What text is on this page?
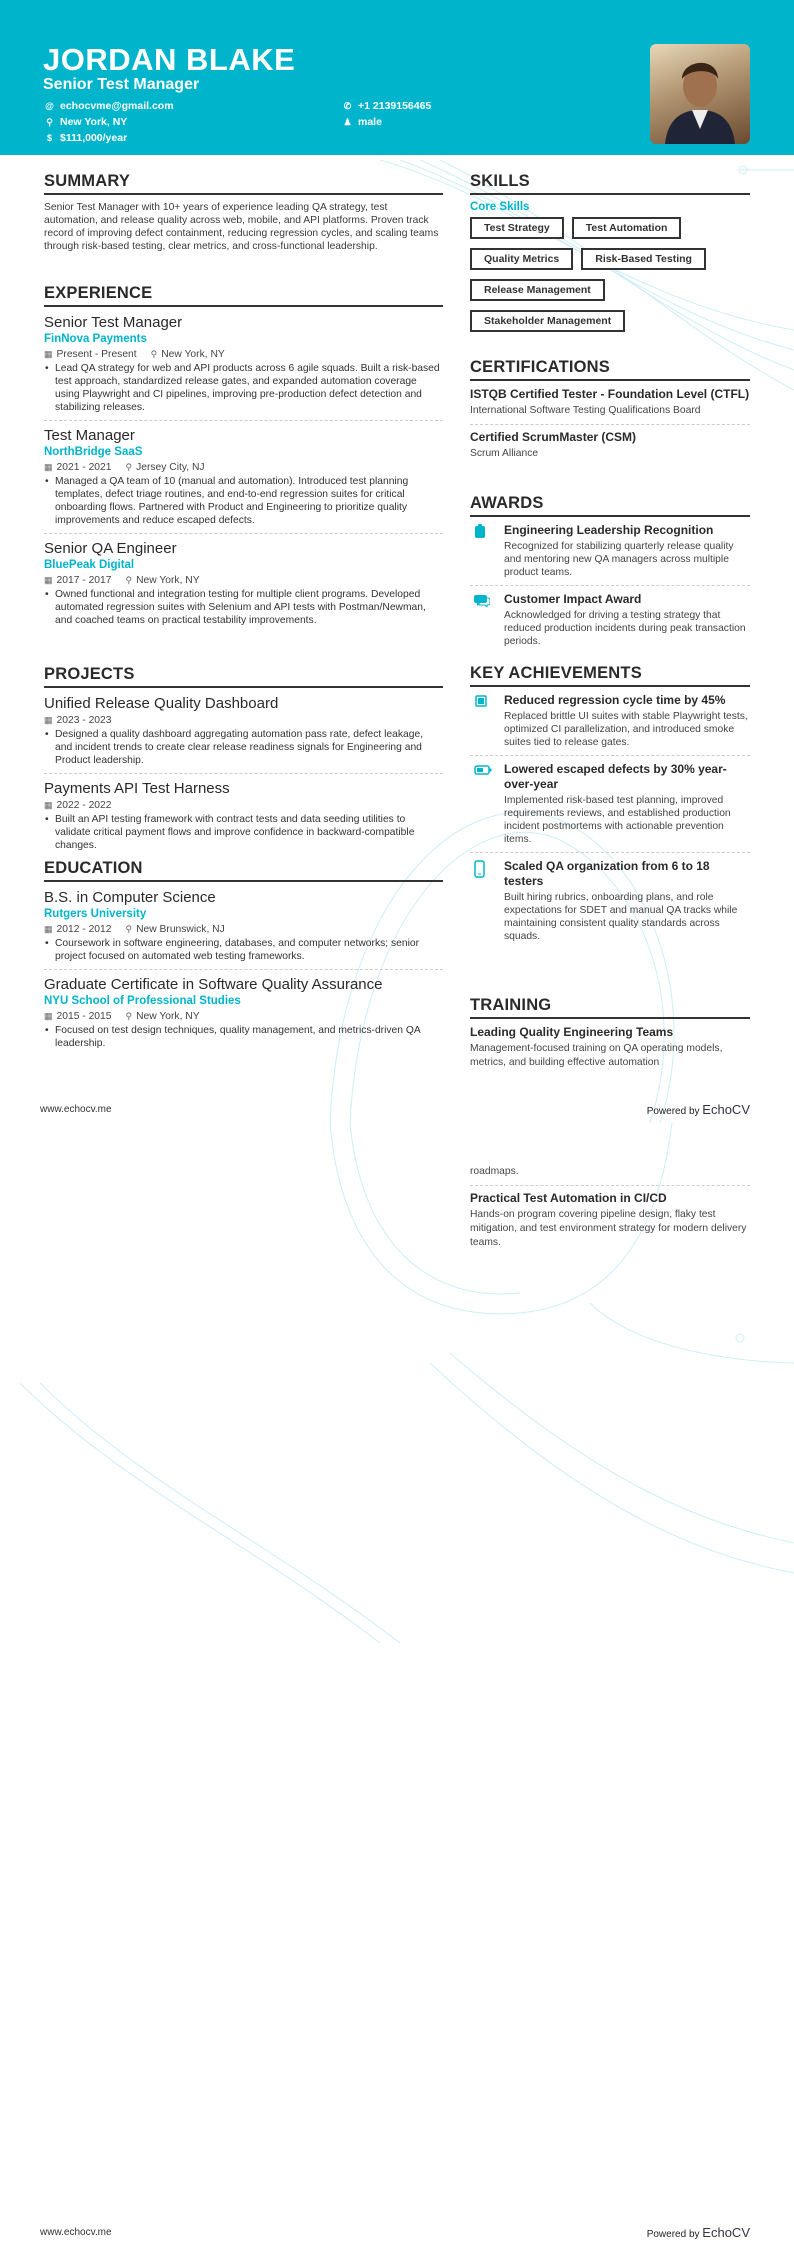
JORDAN BLAKE
Senior Test Manager
@ echocvme@gmail.com
⚲ New York, NY
$ $111,000/year
✆ +1 2139156465
♟ male
SUMMARY
Senior Test Manager with 10+ years of experience leading QA strategy, test automation, and release quality across web, mobile, and API platforms. Proven track record of improving defect containment, reducing regression cycles, and scaling teams through risk-based testing, clear metrics, and cross-functional leadership.
EXPERIENCE
Senior Test Manager
FinNova Payments
▦ Present - Present ⚲ New York, NY
• Lead QA strategy for web and API products across 6 agile squads. Built a risk-based test approach, standardized release gates, and expanded automation coverage using Playwright and CI pipelines, improving pre-production defect detection and stabilizing releases.
Test Manager
NorthBridge SaaS
▦ 2021 - 2021 ⚲ Jersey City, NJ
• Managed a QA team of 10 (manual and automation). Introduced test planning templates, defect triage routines, and end-to-end regression suites for critical onboarding flows. Partnered with Product and Engineering to prioritize quality improvements and reduce escaped defects.
Senior QA Engineer
BluePeak Digital
▦ 2017 - 2017 ⚲ New York, NY
• Owned functional and integration testing for multiple client programs. Developed automated regression suites with Selenium and API tests with Postman/Newman, and coached teams on practical testability improvements.
PROJECTS
Unified Release Quality Dashboard
▦ 2023 - 2023
• Designed a quality dashboard aggregating automation pass rate, defect leakage, and incident trends to create clear release readiness signals for Engineering and Product leadership.
Payments API Test Harness
▦ 2022 - 2022
• Built an API testing framework with contract tests and data seeding utilities to validate critical payment flows and improve confidence in backward-compatible changes.
EDUCATION
B.S. in Computer Science
Rutgers University
▦ 2012 - 2012 ⚲ New Brunswick, NJ
• Coursework in software engineering, databases, and computer networks; senior project focused on automated web testing frameworks.
Graduate Certificate in Software Quality Assurance
NYU School of Professional Studies
▦ 2015 - 2015 ⚲ New York, NY
• Focused on test design techniques, quality management, and metrics-driven QA leadership.
SKILLS
Core Skills
Test Strategy	Test Automation
Quality Metrics	Risk-Based Testing
Release Management
Stakeholder Management
CERTIFICATIONS
ISTQB Certified Tester - Foundation Level (CTFL)
International Software Testing Qualifications Board
Certified ScrumMaster (CSM)
Scrum Alliance
AWARDS
Engineering Leadership Recognition
Recognized for stabilizing quarterly release quality and mentoring new QA managers across multiple product teams.
Customer Impact Award
Acknowledged for driving a testing strategy that reduced production incidents during peak transaction periods.
KEY ACHIEVEMENTS
Reduced regression cycle time by 45%
Replaced brittle UI suites with stable Playwright tests, optimized CI parallelization, and introduced smoke suites tied to release gates.
Lowered escaped defects by 30% year-over-year
Implemented risk-based test planning, improved requirements reviews, and established production incident postmortems with actionable prevention items.
Scaled QA organization from 6 to 18 testers
Built hiring rubrics, onboarding plans, and role expectations for SDET and manual QA tracks while maintaining consistent quality standards across squads.
TRAINING
Leading Quality Engineering Teams
Management-focused training on QA operating models, metrics, and building effective automation
www.echocv.me	Powered by EchoCV
roadmaps.
Practical Test Automation in CI/CD
Hands-on program covering pipeline design, flaky test mitigation, and test environment strategy for modern delivery teams.
www.echocv.me	Powered by EchoCV
